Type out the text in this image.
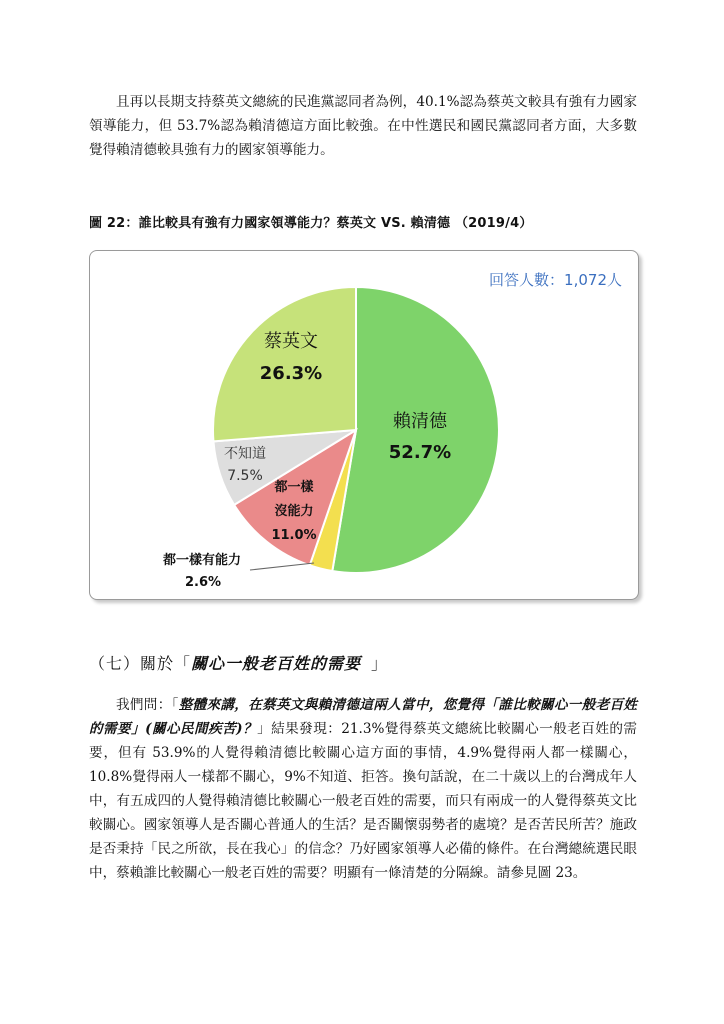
且再以長期支持蔡英文總統的民進黨認同者為例，40.1%認為蔡英文較具有強有力國家領導能力，但 53.7%認為賴清德這方面比較強。在中性選民和國民黨認同者方面，大多數覺得賴清德較具強有力的國家領導能力。

圖 22：誰比較具有強有力國家領導能力？蔡英文 VS. 賴清德 （2019/4）

回答人數：1,072人
賴清德
52.7%
蔡英文
26.3%
不知道
7.5%
都一樣
沒能力
11.0%
都一樣有能力
2.6%

（七）關於「關心一般老百姓的需要 」

我們問：「整體來講，在蔡英文與賴清德這兩人當中，您覺得「誰比較關心一般老百姓的需要」(關心民間疾苦)？」結果發現：21.3%覺得蔡英文總統比較關心一般老百姓的需要，但有 53.9%的人覺得賴清德比較關心這方面的事情，4.9%覺得兩人都一樣關心，10.8%覺得兩人一樣都不關心，9%不知道、拒答。換句話說，在二十歲以上的台灣成年人中，有五成四的人覺得賴清德比較關心一般老百姓的需要，而只有兩成一的人覺得蔡英文比較關心。國家領導人是否關心普通人的生活？是否關懷弱勢者的處境？是否苦民所苦？施政是否秉持「民之所欲，長在我心」的信念？乃好國家領導人必備的條件。在台灣總統選民眼中，蔡賴誰比較關心一般老百姓的需要？明顯有一條清楚的分隔線。請參見圖 23。
